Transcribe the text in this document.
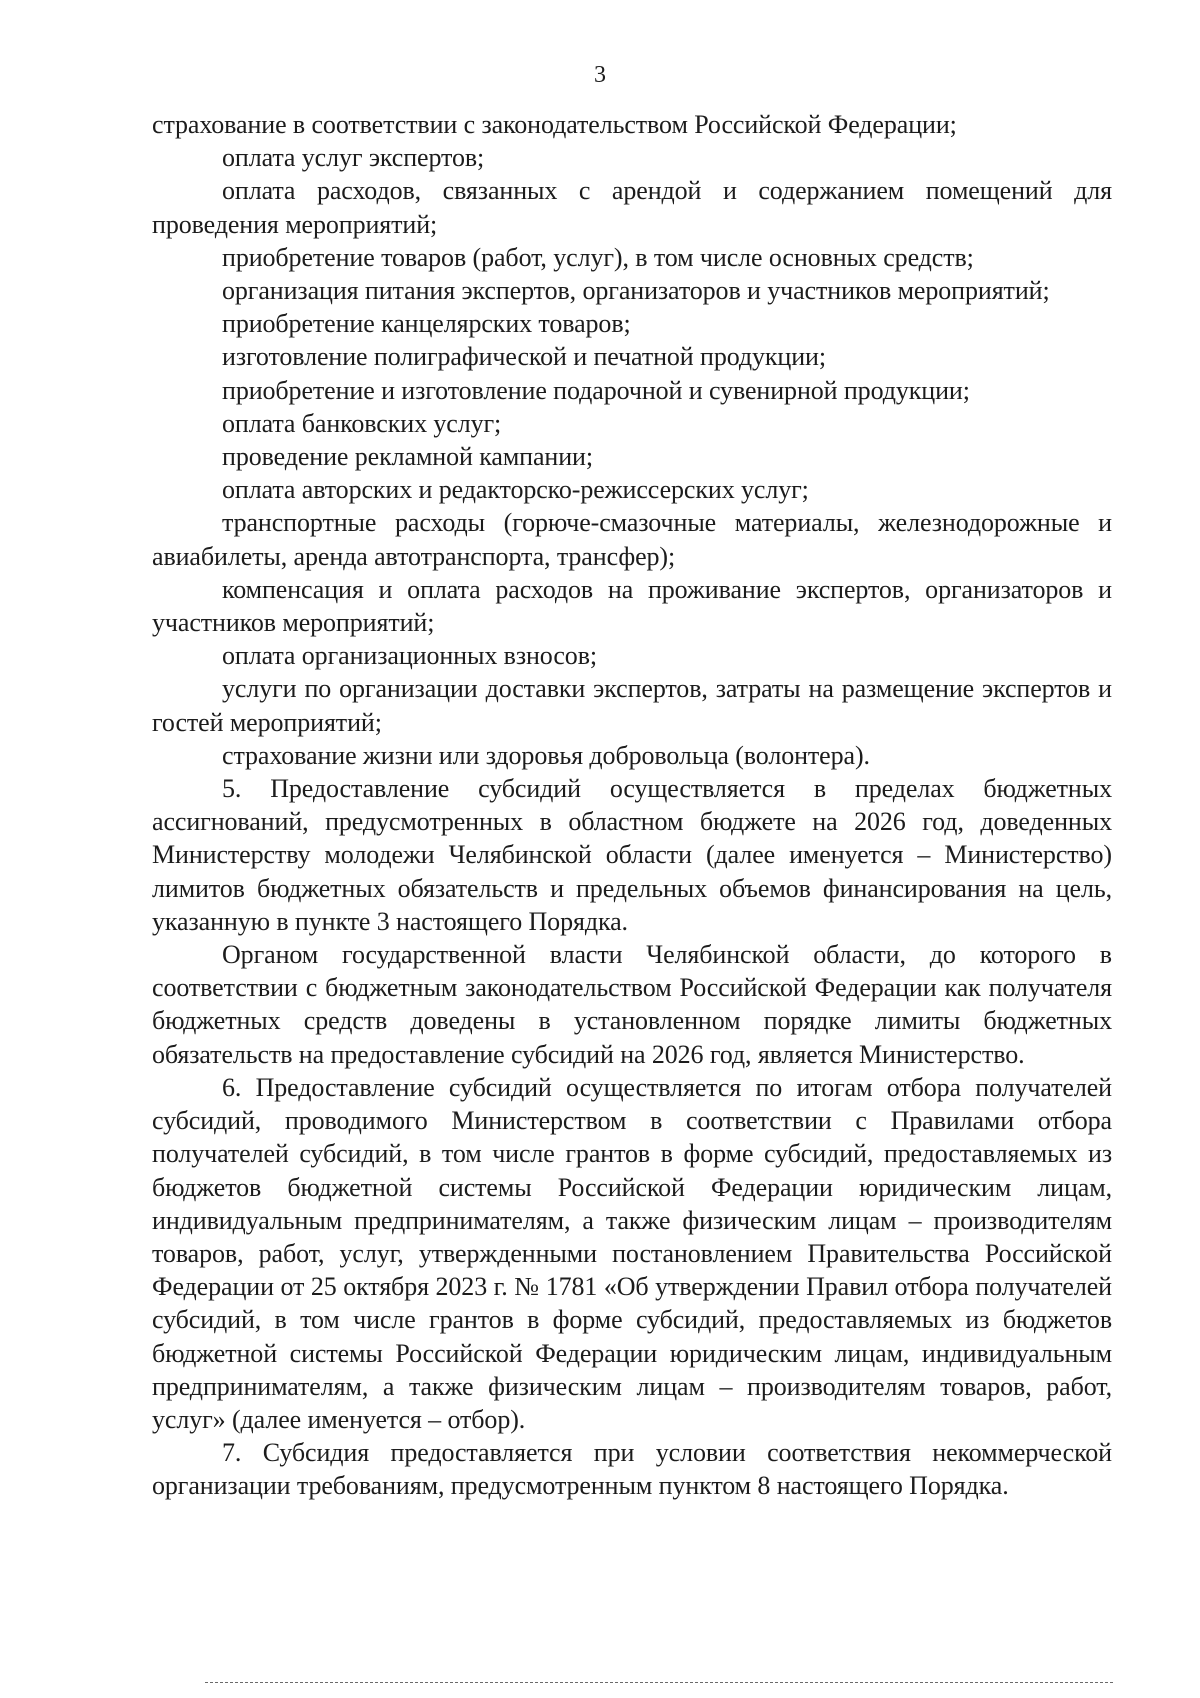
3

страхование в соответствии с законодательством Российской Федерации;

оплата услуг экспертов;

оплата расходов, связанных с арендой и содержанием помещений для проведения мероприятий;

приобретение товаров (работ, услуг), в том числе основных средств;

организация питания экспертов, организаторов и участников мероприятий;

приобретение канцелярских товаров;

изготовление полиграфической и печатной продукции;

приобретение и изготовление подарочной и сувенирной продукции;

оплата банковских услуг;

проведение рекламной кампании;

оплата авторских и редакторско-режиссерских услуг;

транспортные расходы (горюче-смазочные материалы, железнодорожные и авиабилеты, аренда автотранспорта, трансфер);

компенсация и оплата расходов на проживание экспертов, организаторов и участников мероприятий;

оплата организационных взносов;

услуги по организации доставки экспертов, затраты на размещение экспертов и гостей мероприятий;

страхование жизни или здоровья добровольца (волонтера).

5. Предоставление субсидий осуществляется в пределах бюджетных ассигнований, предусмотренных в областном бюджете на 2026 год, доведенных Министерству молодежи Челябинской области (далее именуется – Министерство) лимитов бюджетных обязательств и предельных объемов финансирования на цель, указанную в пункте 3 настоящего Порядка.

Органом государственной власти Челябинской области, до которого в соответствии с бюджетным законодательством Российской Федерации как получателя бюджетных средств доведены в установленном порядке лимиты бюджетных обязательств на предоставление субсидий на 2026 год, является Министерство.

6. Предоставление субсидий осуществляется по итогам отбора получателей субсидий, проводимого Министерством в соответствии с Правилами отбора получателей субсидий, в том числе грантов в форме субсидий, предоставляемых из бюджетов бюджетной системы Российской Федерации юридическим лицам, индивидуальным предпринимателям, а также физическим лицам – производителям товаров, работ, услуг, утвержденными постановлением Правительства Российской Федерации от 25 октября 2023 г. № 1781 «Об утверждении Правил отбора получателей субсидий, в том числе грантов в форме субсидий, предоставляемых из бюджетов бюджетной системы Российской Федерации юридическим лицам, индивидуальным предпринимателям, а также физическим лицам – производителям товаров, работ, услуг» (далее именуется – отбор).

7. Субсидия предоставляется при условии соответствия некоммерческой организации требованиям, предусмотренным пунктом 8 настоящего Порядка.
